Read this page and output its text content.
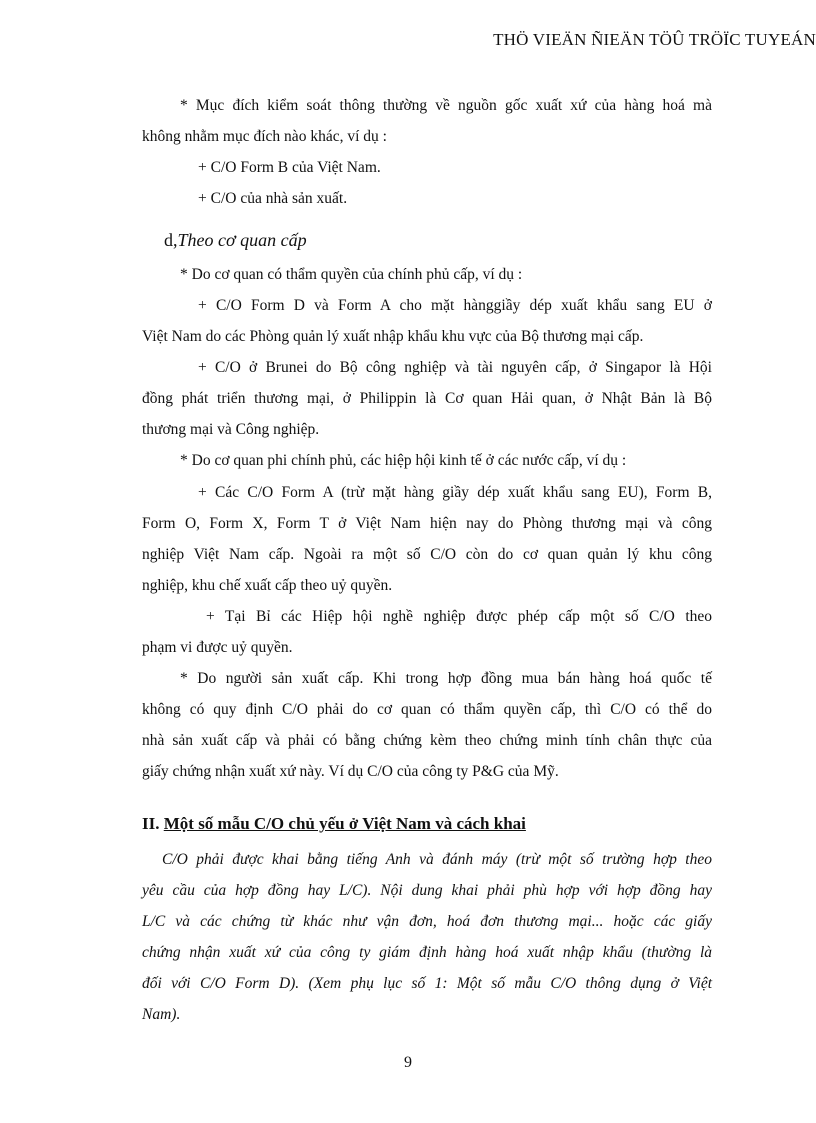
THÖ VIEÄN ÑIEÄN TÖÛ TRÖÏC TUYEÁN
* Mục đích kiểm soát thông thường về nguồn gốc xuất xứ của hàng hoá mà
không nhằm mục đích nào khác, ví dụ :
+ C/O Form B của Việt Nam.
+ C/O của nhà sản xuất.
d,Theo cơ quan cấp
* Do cơ quan có thẩm quyền của chính phủ cấp, ví dụ :
+ C/O Form D và Form A cho mặt hànggiầy dép xuất khẩu sang EU ở
Việt Nam do các Phòng quản lý xuất nhập khẩu khu vực của Bộ thương mại cấp.
+ C/O ở Brunei do Bộ công nghiệp và tài nguyên cấp, ở Singapor là Hội
đồng phát triển thương mại, ở Philippin là Cơ quan Hải quan, ở Nhật Bản là Bộ
thương mại và Công nghiệp.
* Do cơ quan phi chính phủ, các hiệp hội kinh tế ở các nước cấp, ví dụ :
+ Các C/O Form A (trừ mặt hàng giầy dép xuất khẩu sang EU), Form B,
Form O, Form X, Form T ở Việt Nam hiện nay do Phòng thương mại và công
nghiệp Việt Nam cấp. Ngoài ra một số C/O còn do cơ quan quản lý khu công
nghiệp, khu chế xuất cấp theo uỷ quyền.
+ Tại Bỉ các Hiệp hội nghề nghiệp được phép cấp một số C/O theo
phạm vi được uỷ quyền.
* Do người sản xuất cấp. Khi trong hợp đồng mua bán hàng hoá quốc tế
không có quy định C/O phải do cơ quan có thẩm quyền cấp, thì C/O có thể do
nhà sản xuất cấp và phải có bằng chứng kèm theo chứng minh tính chân thực của
giấy chứng nhận xuất xứ này. Ví dụ C/O của công ty P&G của Mỹ.
II. Một số mẫu C/O chủ yếu ở Việt Nam và cách khai
C/O phải được khai bằng tiếng Anh và đánh máy (trừ một số trường hợp theo
yêu cầu của hợp đồng hay L/C). Nội dung khai phải phù hợp với hợp đồng hay
L/C và các chứng từ khác như vận đơn, hoá đơn thương mại... hoặc các giấy
chứng nhận xuất xứ của công ty giám định hàng hoá xuất nhập khẩu (thường là
đối với C/O Form D). (Xem phụ lục số 1: Một số mẫu C/O thông dụng ở Việt
Nam).
9
